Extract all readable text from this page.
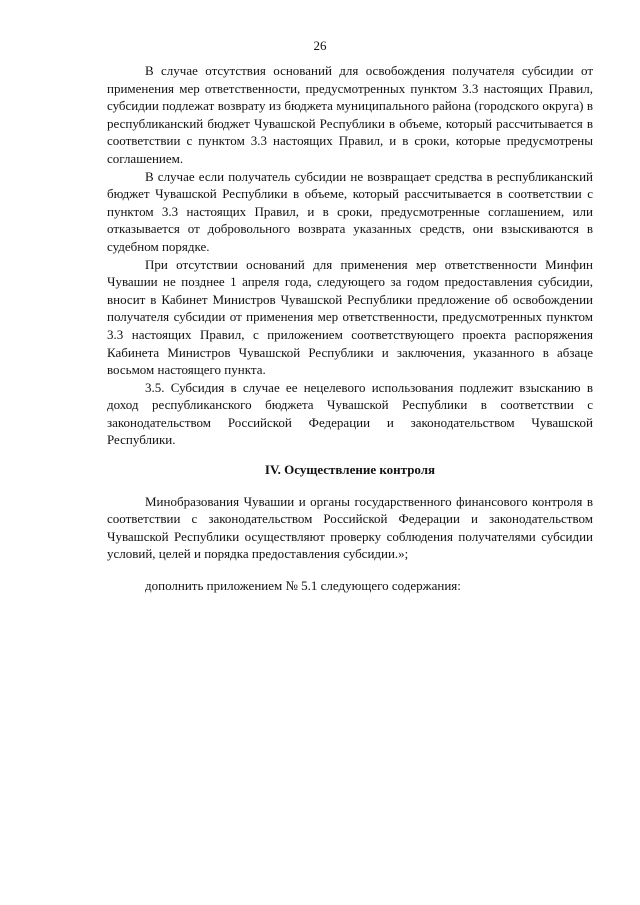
26

В случае отсутствия оснований для освобождения получателя субсидии от применения мер ответственности, предусмотренных пунктом 3.3 настоящих Правил, субсидии подлежат возврату из бюджета муниципального района (городского округа) в республиканский бюджет Чувашской Республики в объеме, который рассчитывается в соответствии с пунктом 3.3 настоящих Правил, и в сроки, которые предусмотрены соглашением.

В случае если получатель субсидии не возвращает средства в республиканский бюджет Чувашской Республики в объеме, который рассчитывается в соответствии с пунктом 3.3 настоящих Правил, и в сроки, предусмотренные соглашением, или отказывается от добровольного возврата указанных средств, они взыскиваются в судебном порядке.

При отсутствии оснований для применения мер ответственности Минфин Чувашии не позднее 1 апреля года, следующего за годом предоставления субсидии, вносит в Кабинет Министров Чувашской Республики предложение об освобождении получателя субсидии от применения мер ответственности, предусмотренных пунктом 3.3 настоящих Правил, с приложением соответствующего проекта распоряжения Кабинета Министров Чувашской Республики и заключения, указанного в абзаце восьмом настоящего пункта.

3.5. Субсидия в случае ее нецелевого использования подлежит взысканию в доход республиканского бюджета Чувашской Республики в соответствии с законодательством Российской Федерации и законодательством Чувашской Республики.

IV. Осуществление контроля

Минобразования Чувашии и органы государственного финансового контроля в соответствии с законодательством Российской Федерации и законодательством Чувашской Республики осуществляют проверку соблюдения получателями субсидии условий, целей и порядка предоставления субсидии.»;

дополнить приложением № 5.1 следующего содержания:
